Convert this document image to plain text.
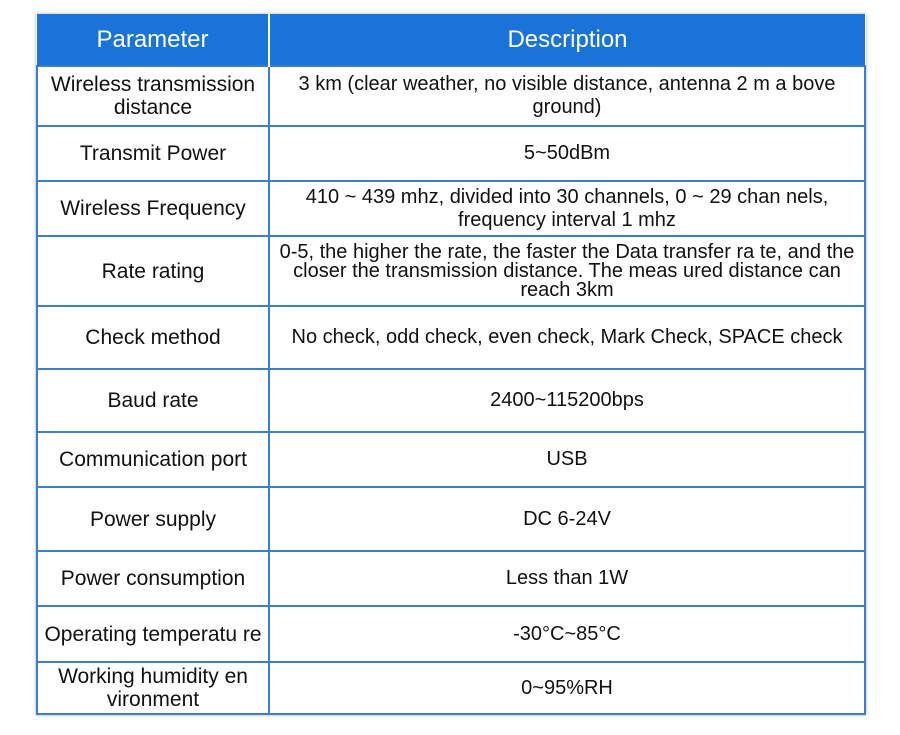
Parameter	Description
Wireless transmission distance	3 km (clear weather, no visible distance, antenna 2 m a bove ground)
Transmit Power	5~50dBm
Wireless Frequency	410 ~ 439 mhz, divided into 30 channels, 0 ~ 29 chan nels, frequency interval 1 mhz
Rate rating	0-5, the higher the rate, the faster the Data transfer ra te, and the closer the transmission distance. The meas ured distance can reach 3km
Check method	No check, odd check, even check, Mark Check, SPACE check
Baud rate	2400~115200bps
Communication port	USB
Power supply	DC 6-24V
Power consumption	Less than 1W
Operating temperatu re	-30°C~85°C
Working humidity en vironment	0~95%RH
